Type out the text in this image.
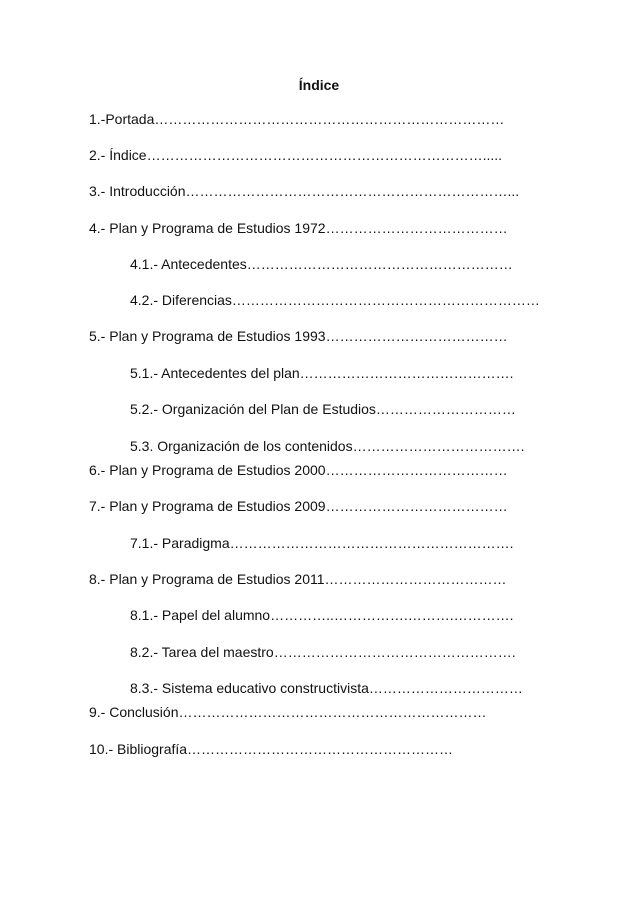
Índice

1.-Portada…………………………………………………………………

2.- Índice……………………………………………………………….....

3.- Introducción……………………………………………………………...

4.- Plan y Programa de Estudios 1972…………………………………

4.1.- Antecedentes…………………………………………………

4.2.- Diferencias…………………………………………………………

5.- Plan y Programa de Estudios 1993…………………………………

5.1.- Antecedentes del plan……………………………………….

5.2.- Organización del Plan de Estudios…………………………

5.3. Organización de los contenidos……………………………….

6.- Plan y Programa de Estudios 2000…………………………………

7.- Plan y Programa de Estudios 2009…………………………………

7.1.- Paradigma…………………………………………………….

8.- Plan y Programa de Estudios 2011…………………………………

8.1.- Papel del alumno…………..…………….……….………….

8.2.- Tarea del maestro…………………………………………….

8.3.- Sistema educativo constructivista……………………………

9.- Conclusión…………………………………………………………

10.- Bibliografía…………………………………………………
